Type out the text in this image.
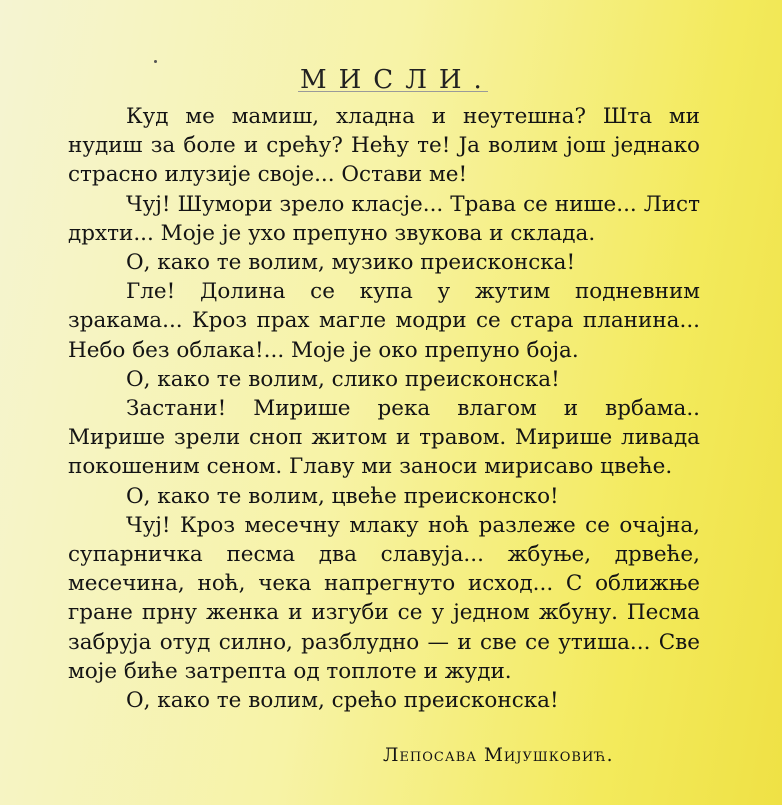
МИСЛИ.

Куд ме мамиш, хладна и неутешна? Шта ми нудиш за боле и срећу? Нећу те! Ја волим још једнако страсно илузије своје... Остави ме!

Чуј! Шумори зрело класје... Трава се нише... Лист дрхти... Моје је ухо препуно звукова и склада.

О, како те волим, музико преисконска!

Гле! Долина се купа у жутим подневним зракама... Кроз прах магле модри се стара планина... Небо без облака!... Моје је око препуно боја.

О, како те волим, слико преисконска!

Застани! Мирише река влагом и врбама.. Мирише зрели сноп житом и травом. Мирише ливада покошеним сеном. Главу ми заноси мирисаво цвеће.

О, како те волим, цвеће преисконско!

Чуј! Кроз месечну млаку ноћ разлеже се очајна, супарничка песма два славуја... жбуње, дрвеће, месечина, ноћ, чека напрегнуто исход... С оближње гране прну женка и изгуби се у једном жбуну. Песма забруја отуд силно, разблудно — и све се утиша... Све моје биће затрепта од топлоте и жуди.

О, како те волим, срећо преисконска!

Лепосава Мијушковић.
